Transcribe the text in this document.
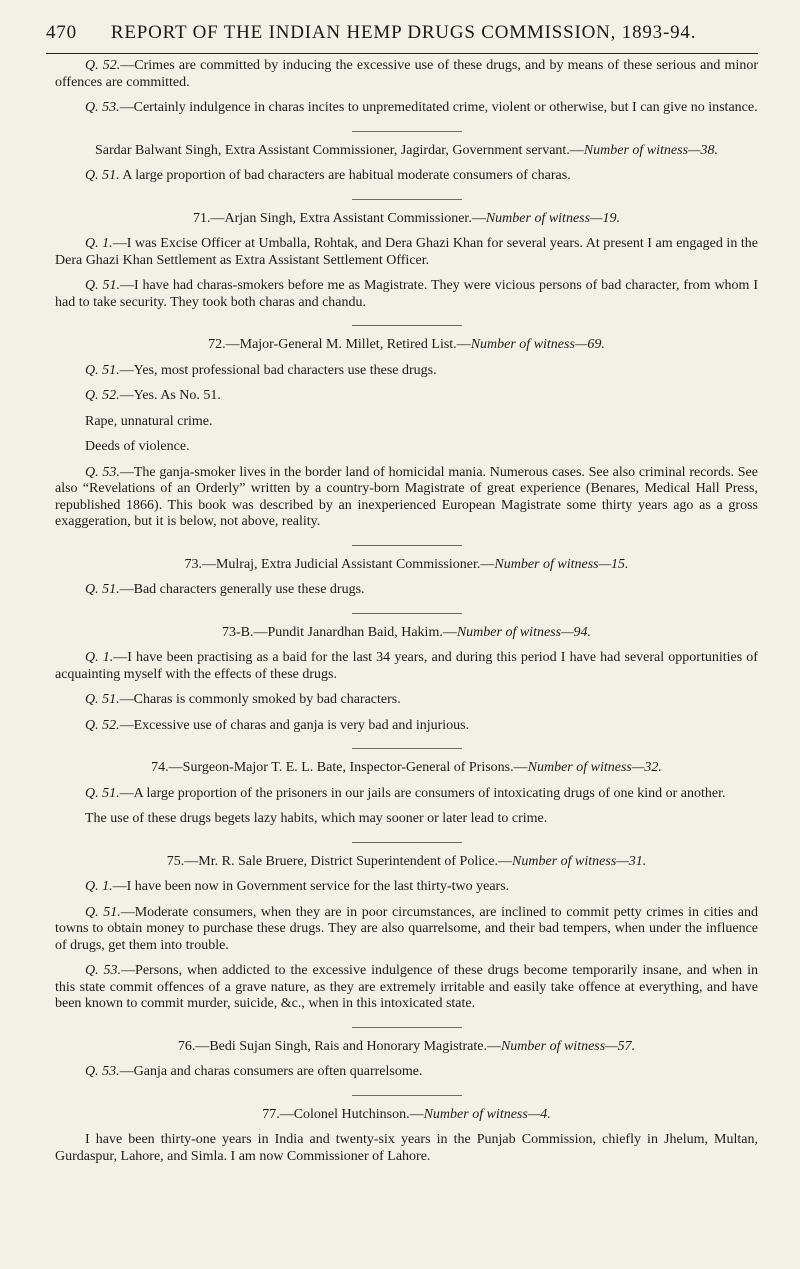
470 REPORT OF THE INDIAN HEMP DRUGS COMMISSION, 1893-94.

Q. 52.—Crimes are committed by inducing the excessive use of these drugs, and by means of these serious and minor offences are committed.

Q. 53.—Certainly indulgence in charas incites to unpremeditated crime, violent or otherwise, but I can give no instance.

Sardar Balwant Singh, Extra Assistant Commissioner, Jagirdar, Government servant.—Number of witness—38.

Q. 51. A large proportion of bad characters are habitual moderate consumers of charas.

71.—Arjan Singh, Extra Assistant Commissioner.—Number of witness—19.

Q. 1.—I was Excise Officer at Umballa, Rohtak, and Dera Ghazi Khan for several years. At present I am engaged in the Dera Ghazi Khan Settlement as Extra Assistant Settlement Officer.

Q. 51.—I have had charas-smokers before me as Magistrate. They were vicious persons of bad character, from whom I had to take security. They took both charas and chandu.

72.—Major-General M. Millet, Retired List.—Number of witness—69.

Q. 51.—Yes, most professional bad characters use these drugs.

Q. 52.—Yes. As No. 51.

Rape, unnatural crime.

Deeds of violence.

Q. 53.—The ganja-smoker lives in the border land of homicidal mania. Numerous cases. See also criminal records. See also “Revelations of an Orderly” written by a country-born Magistrate of great experience (Benares, Medical Hall Press, republished 1866). This book was described by an inexperienced European Magistrate some thirty years ago as a gross exaggeration, but it is below, not above, reality.

73.—Mulraj, Extra Judicial Assistant Commissioner.—Number of witness—15.

Q. 51.—Bad characters generally use these drugs.

73-B.—Pundit Janardhan Baid, Hakim.—Number of witness—94.

Q. 1.—I have been practising as a baid for the last 34 years, and during this period I have had several opportunities of acquainting myself with the effects of these drugs.

Q. 51.—Charas is commonly smoked by bad characters.

Q. 52.—Excessive use of charas and ganja is very bad and injurious.

74.—Surgeon-Major T. E. L. Bate, Inspector-General of Prisons.—Number of witness—32.

Q. 51.—A large proportion of the prisoners in our jails are consumers of intoxicating drugs of one kind or another.

The use of these drugs begets lazy habits, which may sooner or later lead to crime.

75.—Mr. R. Sale Bruere, District Superintendent of Police.—Number of witness—31.

Q. 1.—I have been now in Government service for the last thirty-two years.

Q. 51.—Moderate consumers, when they are in poor circumstances, are inclined to commit petty crimes in cities and towns to obtain money to purchase these drugs. They are also quarrelsome, and their bad tempers, when under the influence of drugs, get them into trouble.

Q. 53.—Persons, when addicted to the excessive indulgence of these drugs become temporarily insane, and when in this state commit offences of a grave nature, as they are extremely irritable and easily take offence at everything, and have been known to commit murder, suicide, &c., when in this intoxicated state.

76.—Bedi Sujan Singh, Rais and Honorary Magistrate.—Number of witness—57.

Q. 53.—Ganja and charas consumers are often quarrelsome.

77.—Colonel Hutchinson.—Number of witness—4.

I have been thirty-one years in India and twenty-six years in the Punjab Commission, chiefly in Jhelum, Multan, Gurdaspur, Lahore, and Simla. I am now Commissioner of Lahore.
